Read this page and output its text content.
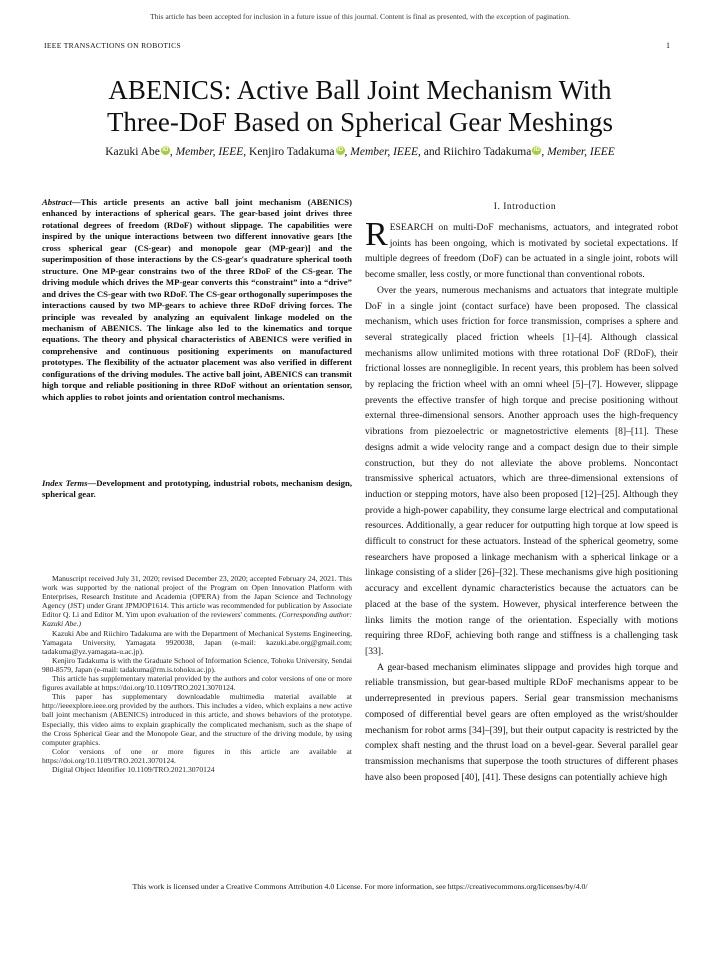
This article has been accepted for inclusion in a future issue of this journal. Content is final as presented, with the exception of pagination.
IEEE TRANSACTIONS ON ROBOTICS	1
ABENICS: Active Ball Joint Mechanism With
Three-DoF Based on Spherical Gear Meshings
Kazuki Abe iD , Member, IEEE, Kenjiro Tadakuma iD , Member, IEEE, and Riichiro Tadakuma iD , Member, IEEE
Abstract—This article presents an active ball joint mechanism (ABENICS) enhanced by interactions of spherical gears. The gear-based joint drives three rotational degrees of freedom (RDoF) without slippage. The capabilities were inspired by the unique interactions between two different innovative gears [the cross spherical gear (CS-gear) and monopole gear (MP-gear)] and the superimposition of those interactions by the CS-gear's quadrature spherical tooth structure. One MP-gear constrains two of the three RDoF of the CS-gear. The driving module which drives the MP-gear converts this “constraint” into a “drive” and drives the CS-gear with two RDoF. The CS-gear orthogonally superimposes the interactions caused by two MP-gears to achieve three RDoF driving forces. The principle was revealed by analyzing an equivalent linkage modeled on the mechanism of ABENICS. The linkage also led to the kinematics and torque equations. The theory and physical characteristics of ABENICS were verified in comprehensive and continuous positioning experiments on manufactured prototypes. The flexibility of the actuator placement was also verified in different configurations of the driving modules. The active ball joint, ABENICS can transmit high torque and reliable positioning in three RDoF without an orientation sensor, which applies to robot joints and orientation control mechanisms.
Index Terms—Development and prototyping, industrial robots, mechanism design, spherical gear.

Manuscript received July 31, 2020; revised December 23, 2020; accepted February 24, 2021. This work was supported by the national project of the Program on Open Innovation Platform with Enterprises, Research Institute and Academia (OPERA) from the Japan Science and Technology Agency (JST) under Grant JPMJOP1614. This article was recommended for publication by Associate Editor Q. Li and Editor M. Yim upon evaluation of the reviewers' comments. (Corresponding author: Kazuki Abe.)

Kazuki Abe and Riichiro Tadakuma are with the Department of Mechanical Systems Engineering, Yamagata University, Yamagata 9920038, Japan (e-mail: kazuki.abe.org@gmail.com; tadakuma@yz.yamagata-u.ac.jp).

Kenjiro Tadakuma is with the Graduate School of Information Science, Tohoku University, Sendai 980-8579, Japan (e-mail: tadakuma@rm.is.tohoku.ac.jp).

This article has supplementary material provided by the authors and color versions of one or more figures available at https://doi.org/10.1109/TRO.2021.3070124.

This paper has supplementary downloadable multimedia material available at http://ieeexplore.ieee.org provided by the authors. This includes a video, which explains a new active ball joint mechanism (ABENICS) introduced in this article, and shows behaviors of the prototype. Especially, this video aims to explain graphically the complicated mechanism, such as the shape of the Cross Spherical Gear and the Monopole Gear, and the structure of the driving module, by using computer graphics.

Color versions of one or more figures in this article are available at https://doi.org/10.1109/TRO.2021.3070124.

Digital Object Identifier 10.1109/TRO.2021.3070124

I. Introduction

RESEARCH on multi-DoF mechanisms, actuators, and integrated robot joints has been ongoing, which is motivated by societal expectations. If multiple degrees of freedom (DoF) can be actuated in a single joint, robots will become smaller, less costly, or more functional than conventional robots.

Over the years, numerous mechanisms and actuators that integrate multiple DoF in a single joint (contact surface) have been proposed. The classical mechanism, which uses friction for force transmission, comprises a sphere and several strategically placed friction wheels [1]–[4]. Although classical mechanisms allow unlimited motions with three rotational DoF (RDoF), their frictional losses are nonnegligible. In recent years, this problem has been solved by replacing the friction wheel with an omni wheel [5]–[7]. However, slippage prevents the effective transfer of high torque and precise positioning without external three-dimensional sensors. Another approach uses the high-frequency vibrations from piezoelectric or magnetostrictive elements [8]–[11]. These designs admit a wide velocity range and a compact design due to their simple construction, but they do not alleviate the above problems. Noncontact transmissive spherical actuators, which are three-dimensional extensions of induction or stepping motors, have also been proposed [12]–[25]. Although they provide a high-power capability, they consume large electrical and computational resources. Additionally, a gear reducer for outputting high torque at low speed is difficult to construct for these actuators. Instead of the spherical geometry, some researchers have proposed a linkage mechanism with a spherical linkage or a linkage consisting of a slider [26]–[32]. These mechanisms give high positioning accuracy and excellent dynamic characteristics because the actuators can be placed at the base of the system. However, physical interference between the links limits the motion range of the orientation. Especially with motions requiring three RDoF, achieving both range and stiffness is a challenging task [33].

A gear-based mechanism eliminates slippage and provides high torque and reliable transmission, but gear-based multiple RDoF mechanisms appear to be underrepresented in previous papers. Serial gear transmission mechanisms composed of differential bevel gears are often employed as the wrist/shoulder mechanism for robot arms [34]–[39], but their output capacity is restricted by the complex shaft nesting and the thrust load on a bevel-gear. Several parallel gear transmission mechanisms that superpose the tooth structures of different phases have also been proposed [40], [41]. These designs can potentially achieve high

This work is licensed under a Creative Commons Attribution 4.0 License. For more information, see https://creativecommons.org/licenses/by/4.0/
